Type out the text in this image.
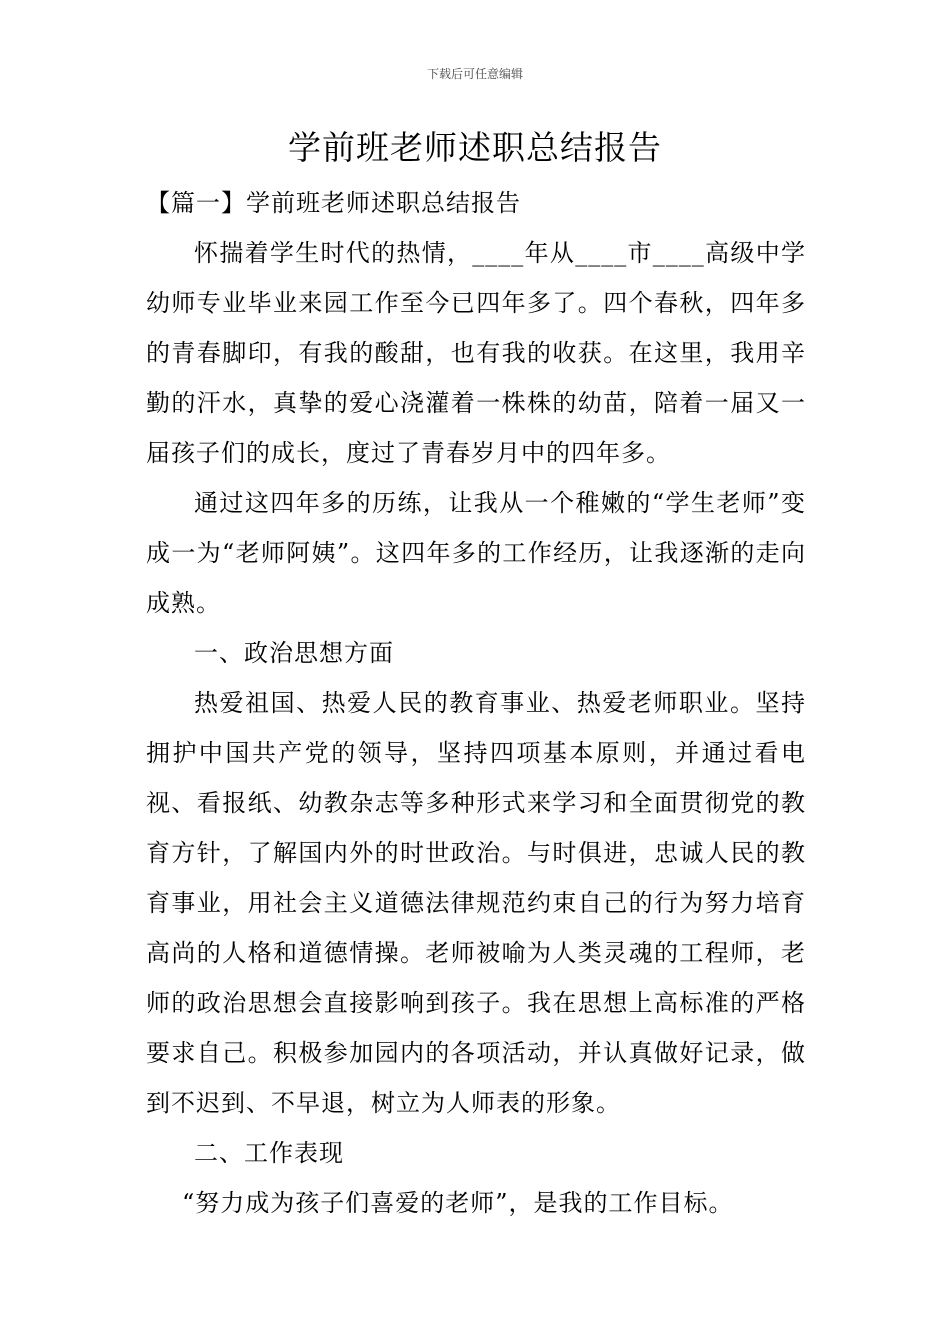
下载后可任意编辑
学前班老师述职总结报告

【篇一】学前班老师述职总结报告

怀揣着学生时代的热情，____年从____市____高级中学幼师专业毕业来园工作至今已四年多了。四个春秋，四年多的青春脚印，有我的酸甜，也有我的收获。在这里，我用辛勤的汗水，真挚的爱心浇灌着一株株的幼苗，陪着一届又一届孩子们的成长，度过了青春岁月中的四年多。

通过这四年多的历练，让我从一个稚嫩的“学生老师”变成一为“老师阿姨”。这四年多的工作经历，让我逐渐的走向成熟。

一、政治思想方面

热爱祖国、热爱人民的教育事业、热爱老师职业。坚持拥护中国共产党的领导，坚持四项基本原则，并通过看电视、看报纸、幼教杂志等多种形式来学习和全面贯彻党的教育方针，了解国内外的时世政治。与时俱进，忠诚人民的教育事业，用社会主义道德法律规范约束自己的行为努力培育高尚的人格和道德情操。老师被喻为人类灵魂的工程师，老师的政治思想会直接影响到孩子。我在思想上高标准的严格要求自己。积极参加园内的各项活动，并认真做好记录，做到不迟到、不早退，树立为人师表的形象。

二、工作表现

“努力成为孩子们喜爱的老师”，是我的工作目标。
